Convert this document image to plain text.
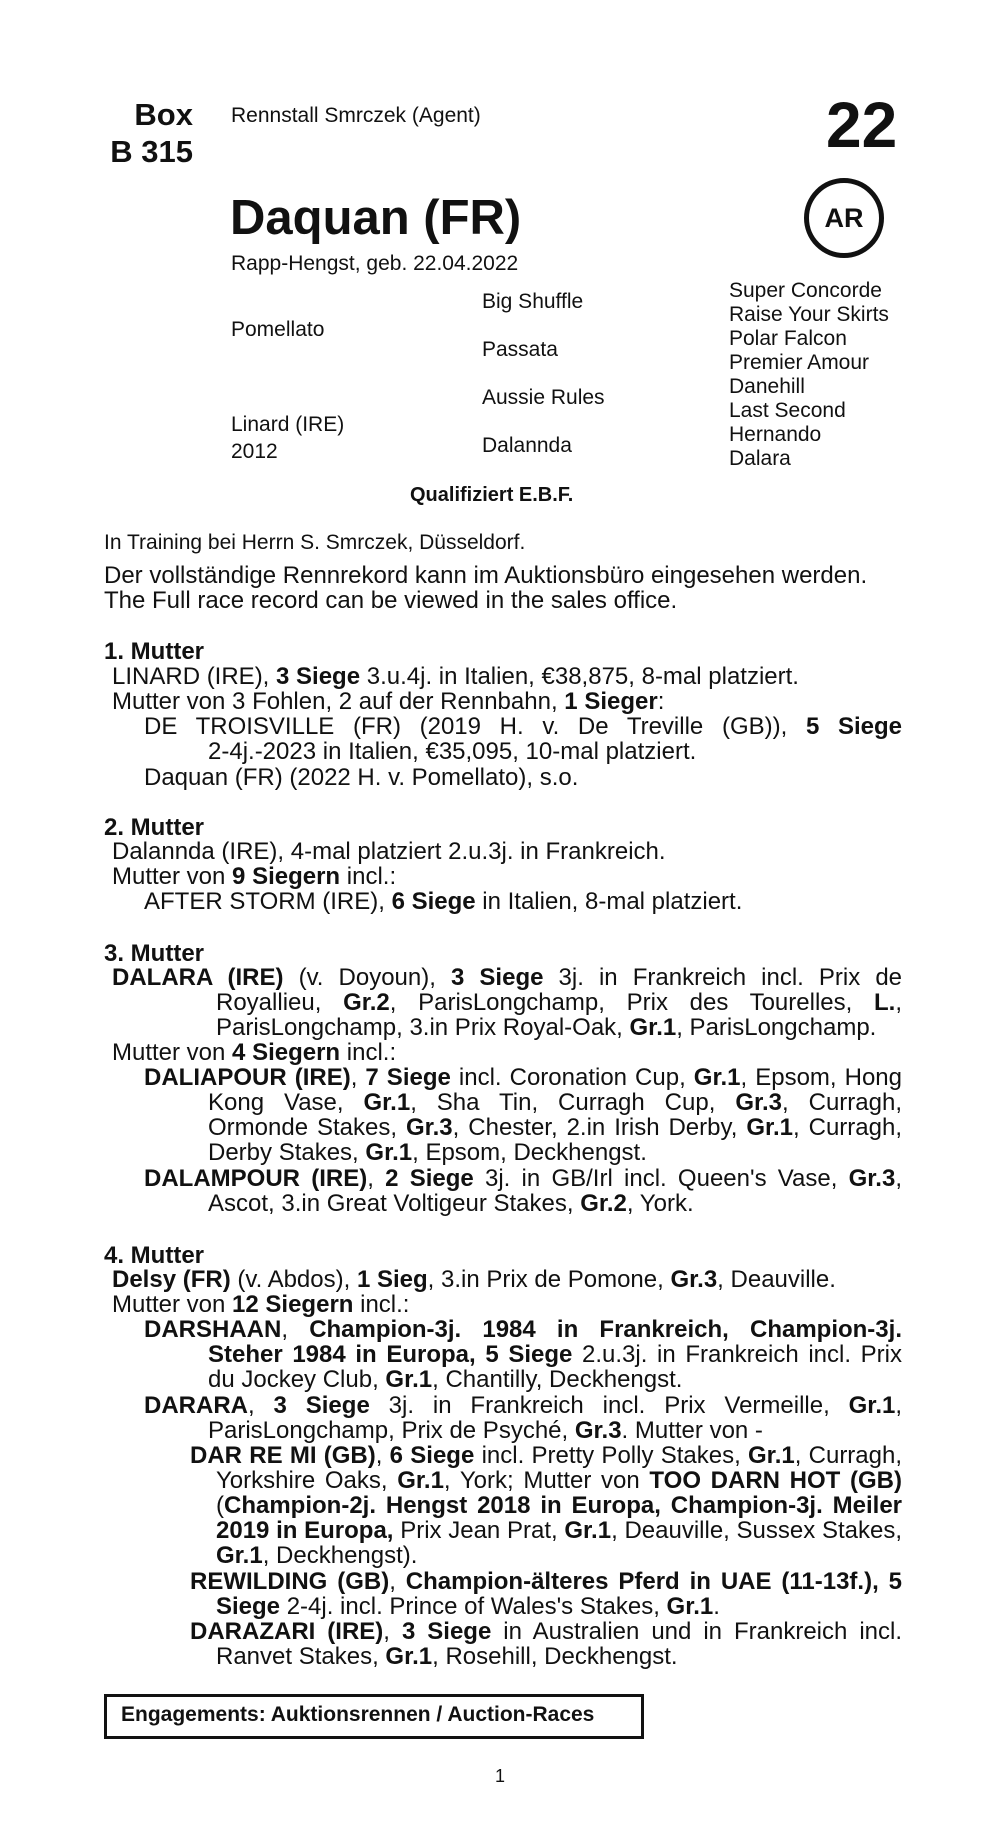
Box
B 315
Rennstall Smrczek (Agent)	22
AR
Daquan (FR)
Rapp-Hengst, geb. 22.04.2022
Pomellato
Linard (IRE)
2012
Big Shuffle
Passata
Aussie Rules
Dalannda
Super Concorde
Raise Your Skirts
Polar Falcon
Premier Amour
Danehill
Last Second
Hernando
Dalara
Qualifiziert E.B.F.
In Training bei Herrn S. Smrczek, Düsseldorf.
Der vollständige Rennrekord kann im Auktionsbüro eingesehen werden.
The Full race record can be viewed in the sales office.
1. Mutter
LINARD (IRE), 3 Siege 3.u.4j. in Italien, €38,875, 8-mal platziert.
Mutter von 3 Fohlen, 2 auf der Rennbahn, 1 Sieger:
DE TROISVILLE (FR) (2019 H. v. De Treville (GB)), 5 Siege
2-4j.-2023 in Italien, €35,095, 10-mal platziert.
Daquan (FR) (2022 H. v. Pomellato), s.o.
2. Mutter
Dalannda (IRE), 4-mal platziert 2.u.3j. in Frankreich.
Mutter von 9 Siegern incl.:
AFTER STORM (IRE), 6 Siege in Italien, 8-mal platziert.
3. Mutter
DALARA (IRE) (v. Doyoun), 3 Siege 3j. in Frankreich incl. Prix de Royallieu, Gr.2, ParisLongchamp, Prix des Tourelles, L., ParisLongchamp, 3.in Prix Royal-Oak, Gr.1, ParisLongchamp.
Mutter von 4 Siegern incl.:
DALIAPOUR (IRE), 7 Siege incl. Coronation Cup, Gr.1, Epsom, Hong Kong Vase, Gr.1, Sha Tin, Curragh Cup, Gr.3, Curragh, Ormonde Stakes, Gr.3, Chester, 2.in Irish Derby, Gr.1, Curragh, Derby Stakes, Gr.1, Epsom, Deckhengst.
DALAMPOUR (IRE), 2 Siege 3j. in GB/Irl incl. Queen's Vase, Gr.3, Ascot, 3.in Great Voltigeur Stakes, Gr.2, York.
4. Mutter
Delsy (FR) (v. Abdos), 1 Sieg, 3.in Prix de Pomone, Gr.3, Deauville.
Mutter von 12 Siegern incl.:
DARSHAAN, Champion-3j. 1984 in Frankreich, Champion-3j. Steher 1984 in Europa, 5 Siege 2.u.3j. in Frankreich incl. Prix du Jockey Club, Gr.1, Chantilly, Deckhengst.
DARARA, 3 Siege 3j. in Frankreich incl. Prix Vermeille, Gr.1, ParisLongchamp, Prix de Psyché, Gr.3. Mutter von -
DAR RE MI (GB), 6 Siege incl. Pretty Polly Stakes, Gr.1, Curragh, Yorkshire Oaks, Gr.1, York; Mutter von TOO DARN HOT (GB) (Champion-2j. Hengst 2018 in Europa, Champion-3j. Meiler 2019 in Europa, Prix Jean Prat, Gr.1, Deauville, Sussex Stakes, Gr.1, Deckhengst).
REWILDING (GB), Champion-älteres Pferd in UAE (11-13f.), 5 Siege 2-4j. incl. Prince of Wales's Stakes, Gr.1.
DARAZARI (IRE), 3 Siege in Australien und in Frankreich incl. Ranvet Stakes, Gr.1, Rosehill, Deckhengst.
Engagements: Auktionsrennen / Auction-Races
1
